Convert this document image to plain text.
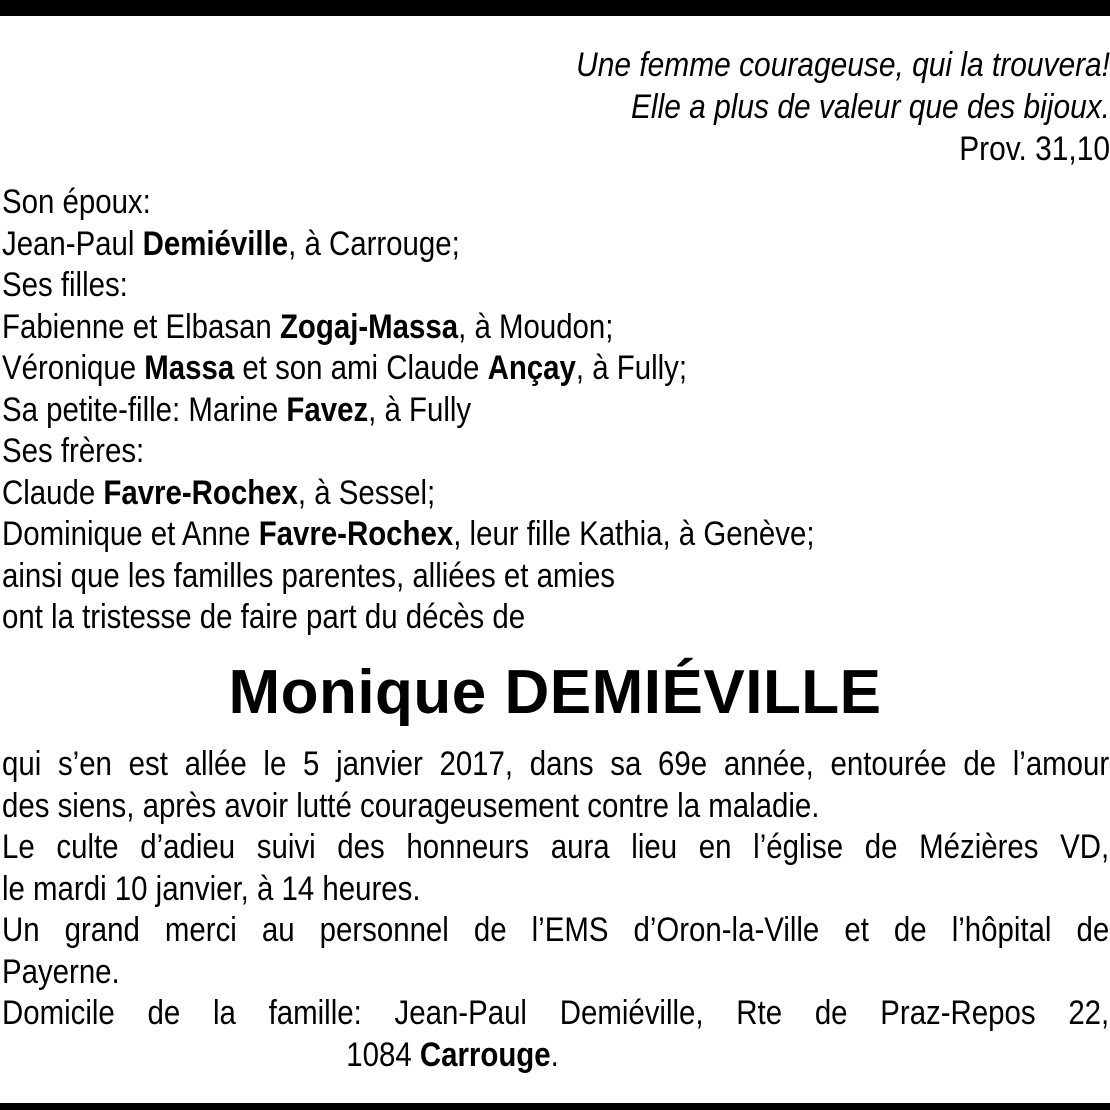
Une femme courageuse, qui la trouvera!
Elle a plus de valeur que des bijoux.
Prov. 31,10
Son époux:
Jean-Paul Demiéville, à Carrouge;
Ses filles:
Fabienne et Elbasan Zogaj-Massa, à Moudon;
Véronique Massa et son ami Claude Ançay, à Fully;
Sa petite-fille: Marine Favez, à Fully
Ses frères:
Claude Favre-Rochex, à Sessel;
Dominique et Anne Favre-Rochex, leur fille Kathia, à Genève;
ainsi que les familles parentes, alliées et amies
ont la tristesse de faire part du décès de
Monique DEMIÉVILLE
qui s’en est allée le 5 janvier 2017, dans sa 69e année, entourée de l’amour
des siens, après avoir lutté courageusement contre la maladie.
Le culte d’adieu suivi des honneurs aura lieu en l’église de Mézières VD,
le mardi 10 janvier, à 14 heures.
Un grand merci au personnel de l’EMS d’Oron-la-Ville et de l’hôpital de
Payerne.
Domicile de la famille: Jean-Paul Demiéville, Rte de Praz-Repos 22,
1084 Carrouge.
